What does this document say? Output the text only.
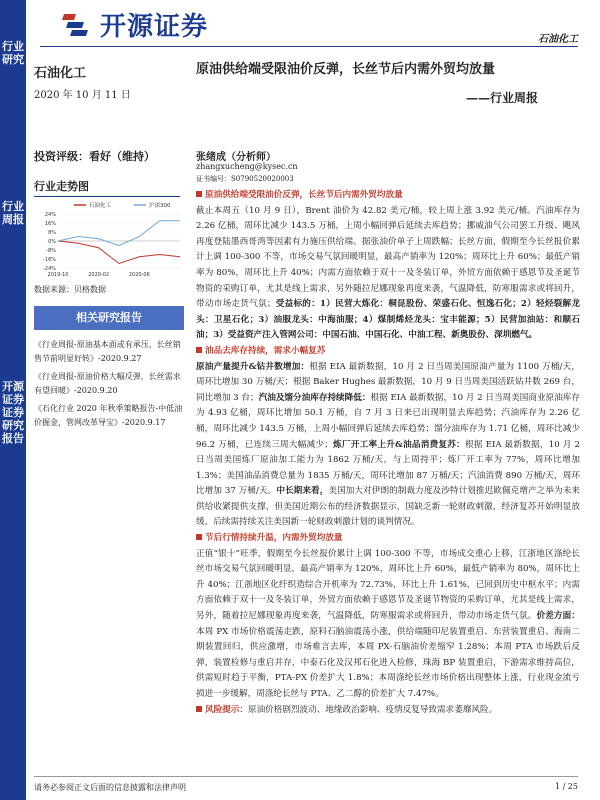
行业研究
行业周报
开源证券 证券研究报告
开源证券	石油化工
石油化工
2020 年 10 月 11 日
投资评级：看好（维持）
行业走势图
24%
16%
8%
0%
-8%
-16%
-24%
2019-10	2020-02	2020-06
石油化工	沪深300
数据来源：贝格数据
相关研究报告

《行业周报-原油基本面或有承压，长丝销售节前明显好转》-2020.9.27

《行业周报-原油价格大幅反弹，长丝需求有望回暖》-2020.9.20

《石化行业 2020 年秋季策略报告-中低油价掘金，管网改革导宝》-2020.9.17

原油供给端受限油价反弹，长丝节后内需外贸均放量
——行业周报
张绪成（分析师）
zhangxucheng@kysec.cn
证书编号：S0790520020003
原油供给端受限油价反弹，长丝节后内需外贸均放量
截止本周五（10 月 9 日），Brent 油价为 42.82 美元/桶，较上周上涨 3.92 美元/桶。汽油库存为 2.26 亿桶，周环比减少 143.5 万桶，上周小幅回弹后延续去库趋势；挪威油气公司罢工升级、飓风再度登陆墨西哥湾等因素有力施压供给端。据张油价单子上周跌幅；长丝方面，假期至今长丝报价累计上调 100-300 不等，市场交易气氛回暖明显，最高产销率为 120%；周环比上升 60%；最低产销率为 80%，周环比上升 40%；内需方面依赖于双十一及冬装订单，外贸方面依赖于感恩节及圣诞节物资的采购订单，尤其是线上需求，另外随拉尼娜现象再度来袭，气温降低，防寒服需求或将回升，带动市场走货气氛；受益标的：1）民营大炼化：桐昆股份、荣盛石化、恒逸石化；2）轻烃裂解龙头：卫星石化；3）油服龙头：中海油服；4）煤制烯烃龙头：宝丰能源；5）民营加油站：和顺石油；3）受益资产注入管网公司：中国石油、中国石化、中油工程、新奥股份、深圳燃气。
油品去库存持续，需求小幅复苏
原油产量提升&钻井数增加：根据 EIA 最新数据，10 月 2 日当周美国原油产量为 1100 万桶/天，周环比增加 30 万桶/天；根据 Baker Hughes 最新数据，10 月 9 日当周美国活跃钻井数 269 台，同比增加 3 台；汽油及馏分油库存持续降低：根据 EIA 最新数据，10 月 2 日当周美国商业原油库存为 4.93 亿桶，周环比增加 50.1 万桶，自 7 月 3 日来已出现明显去库趋势；汽油库存为 2.26 亿桶，周环比减少 143.5 万桶，上周小幅回弹后延续去库趋势；馏分油库存为 1.71 亿桶，周环比减少 96.2 万桶，已连续三周大幅减少；炼厂开工率上升&油品消费复苏：根据 EIA 最新数据，10 月 2 日当周美国炼厂原油加工能力为 1862 万桶/天，与上周持平；炼厂开工率为 77%，周环比增加 1.3%；美国油品消费总量为 1835 万桶/天，周环比增加 87 万桶/天；汽油消费 890 万桶/天，周环比增加 37 万桶/天。中长期来看，美国加大对伊朗的制裁力度及沙特计划推迟欧佩克增产之举为未来供给收紧提供支撑，但美国近期公布的经济数据显示，国缺乏新一轮财政刺激，经济复苏开始明显放缓，后续需持续关注美国新一轮财政刺激计划的谈判情况。
节后行情持续升温，内需外贸均放量
正值“银十”旺季，假期至今长丝报价累计上调 100-300 不等，市场成交重心上移，江浙地区涤纶长丝市场交易气氛回暖明显，最高产销率为 120%，周环比上升 60%，最低产销率为 80%，周环比上升 40%；江浙地区化纤织造综合开机率为 72.73%，环比上升 1.61%，已回到历史中枢水平；内需方面依赖于双十一及冬装订单，外贸方面依赖于感恩节及圣诞节物资的采购订单，尤其是线上需求，另外，随着拉尼娜现象再度来袭，气温降低，防寒服需求或将回升，带动市场走货气氛。价差方面：本周 PX 市场价格震荡走跌，原料石脑油震荡小涨，供给端随印尼装置重启、东营装置重启、海南二期装置回归，供应激增，市场难言去库，本周 PX-石脑油价差缩窄 1.28%；本周 PTA 市场跌后反弹，装置检修与重启并存，中泰石化及汉邦石化进入检修，珠海 BP 装置重启，下游需求维持高位，供需短时趋于平衡，PTA-PX 价差扩大 1.8%；本周涤纶长丝市场价格出现整体上涨，行业现金流亏损进一步缓解，周涤纶长丝与 PTA、乙二醇的价差扩大 7.47%。
风险提示：原油价格剧烈波动、地缘政治影响、疫情反复导致需求萎靡风险。
请务必参阅正文后面的信息披露和法律声明	1 / 25
